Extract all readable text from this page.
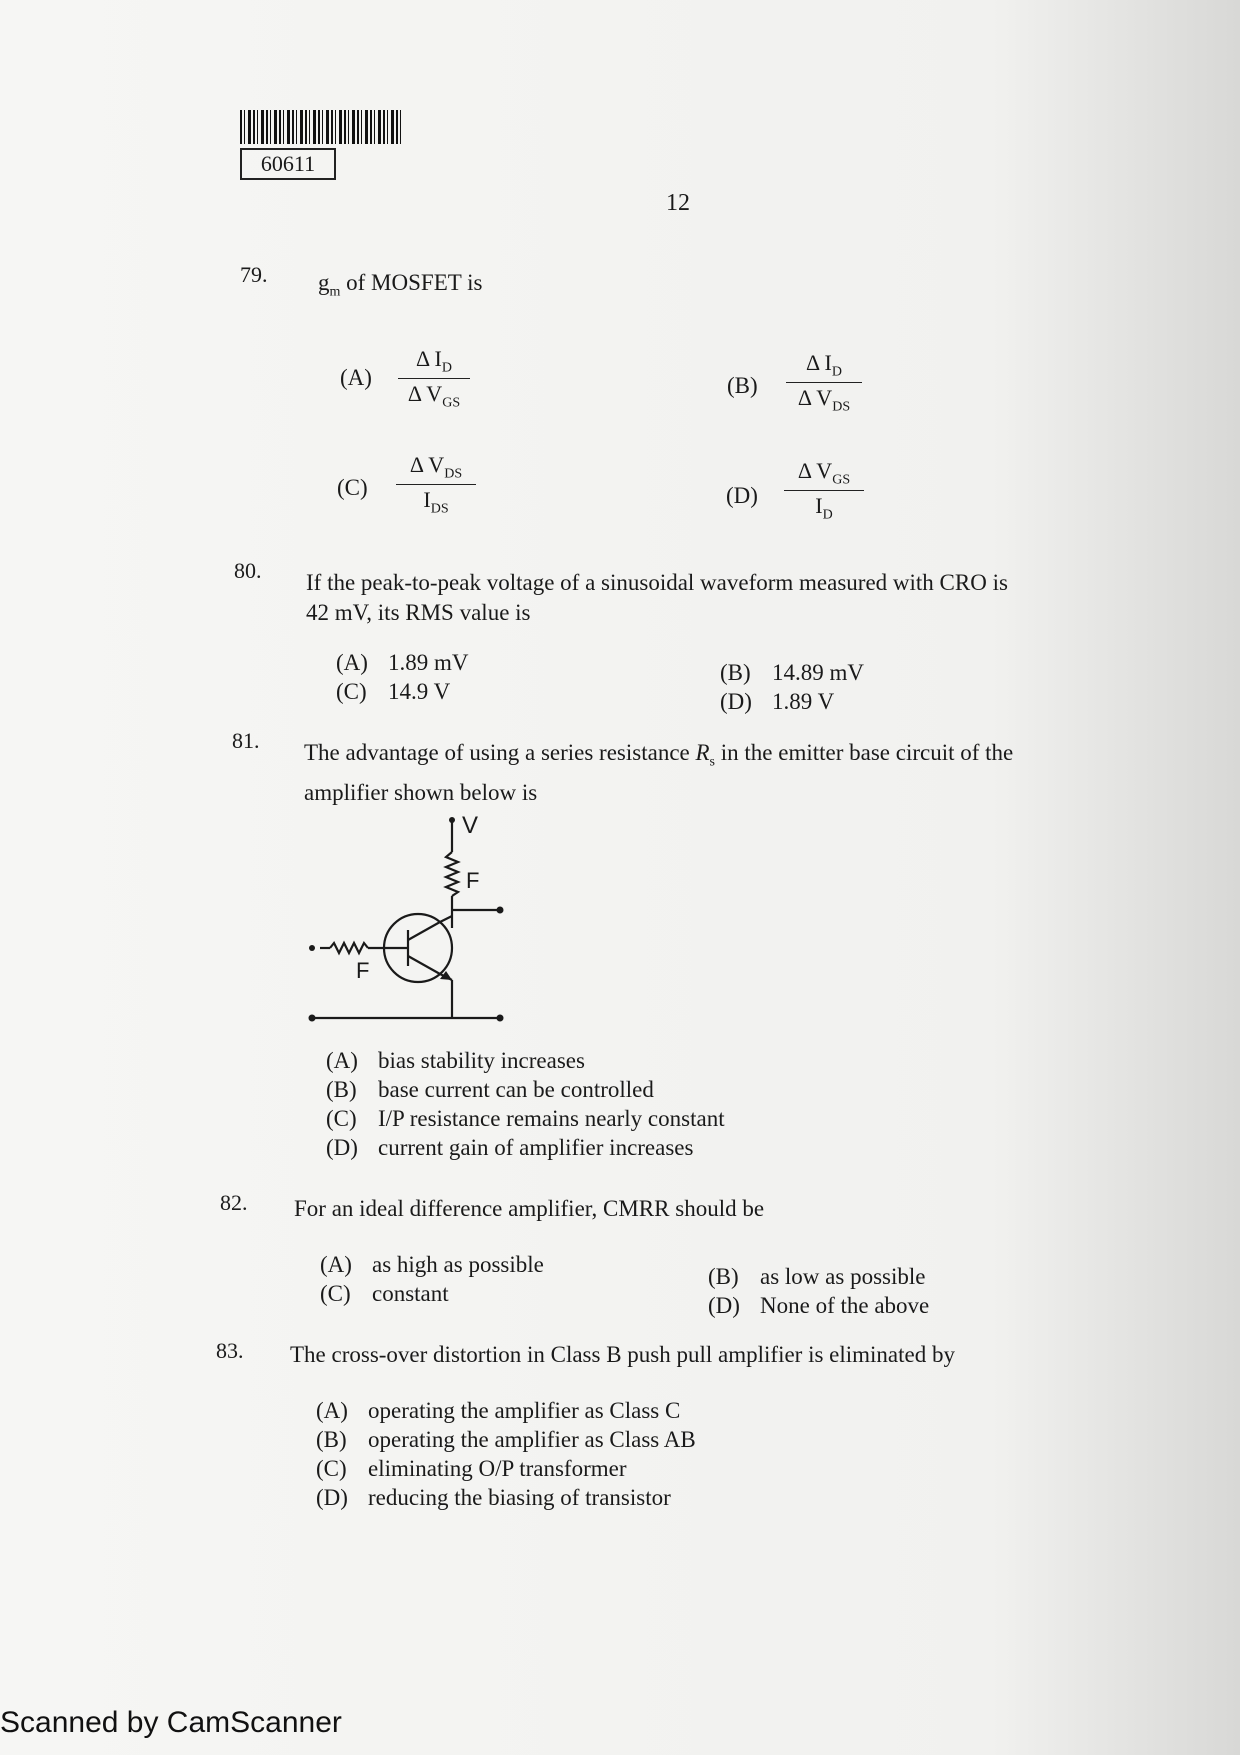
60611
12
79. $g_m$ of MOSFET is
(A)
Δ $I_D$
Δ $V_{GS}$
(B)
Δ $I_D$
Δ $V_{DS}$
(C)
Δ $V_{DS}$
$I_{DS}$
(D)
Δ $V_{GS}$
$I_D$
80. If the peak-to-peak voltage of a sinusoidal waveform measured with CRO is
42 mV, its RMS value is
(A) 1.89 mV
(C) 14.9 V
(B) 14.89 mV
(D) 1.89 V
81. The advantage of using a series resistance $R_s$ in the emitter base circuit of the
amplifier shown below is
V
F
F
(A) bias stability increases
(B) base current can be controlled
(C) I/P resistance remains nearly constant
(D) current gain of amplifier increases
82. For an ideal difference amplifier, CMRR should be
(A) as high as possible
(C) constant
(B) as low as possible
(D) None of the above
83. The cross-over distortion in Class B push pull amplifier is eliminated by
(A) operating the amplifier as Class C
(B) operating the amplifier as Class AB
(C) eliminating O/P transformer
(D) reducing the biasing of transistor
Scanned by CamScanner
